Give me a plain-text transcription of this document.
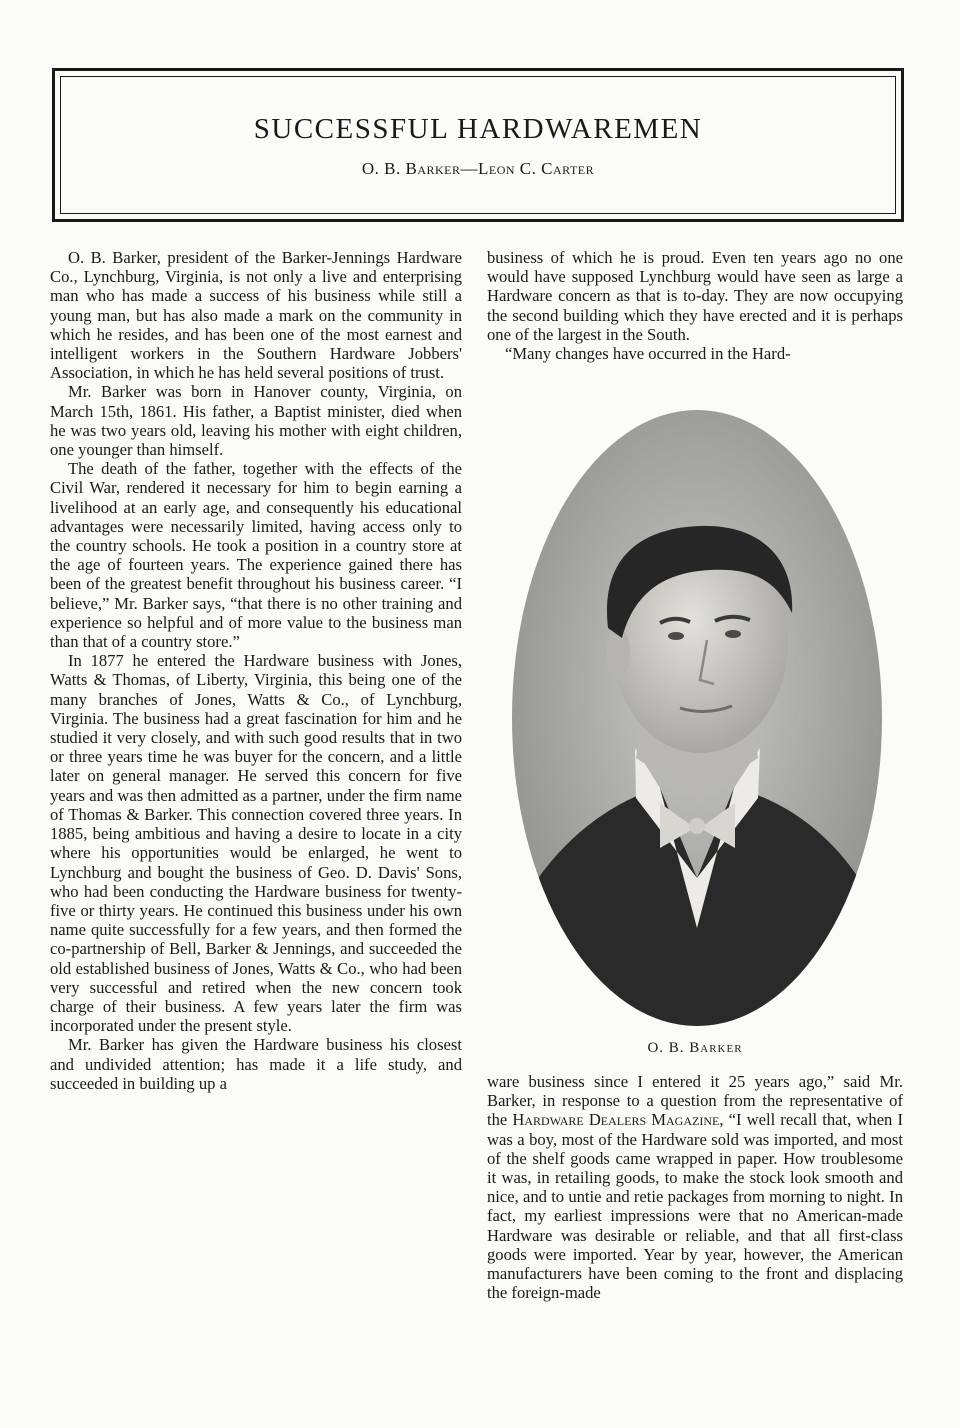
SUCCESSFUL HARDWAREMEN
O. B. Barker—Leon C. Carter

O. B. Barker, president of the Barker-Jennings Hardware Co., Lynchburg, Virginia, is not only a live and enterprising man who has made a success of his business while still a young man, but has also made a mark on the community in which he resides, and has been one of the most earnest and intelligent workers in the Southern Hardware Jobbers' Association, in which he has held several positions of trust.

Mr. Barker was born in Hanover county, Virginia, on March 15th, 1861. His father, a Baptist minister, died when he was two years old, leaving his mother with eight children, one younger than himself.

The death of the father, together with the effects of the Civil War, rendered it necessary for him to begin earning a livelihood at an early age, and consequently his educational advantages were necessarily limited, having access only to the country schools. He took a position in a country store at the age of fourteen years. The experience gained there has been of the greatest benefit throughout his business career. “I believe,” Mr. Barker says, “that there is no other training and experience so helpful and of more value to the business man than that of a country store.”

In 1877 he entered the Hardware business with Jones, Watts & Thomas, of Liberty, Virginia, this being one of the many branches of Jones, Watts & Co., of Lynchburg, Virginia. The business had a great fascination for him and he studied it very closely, and with such good results that in two or three years time he was buyer for the concern, and a little later on general manager. He served this concern for five years and was then admitted as a partner, under the firm name of Thomas & Barker. This connection covered three years. In 1885, being ambitious and having a desire to locate in a city where his opportunities would be enlarged, he went to Lynchburg and bought the business of Geo. D. Davis' Sons, who had been conducting the Hardware business for twenty-five or thirty years. He continued this business under his own name quite successfully for a few years, and then formed the co-partnership of Bell, Barker & Jennings, and succeeded the old established business of Jones, Watts & Co., who had been very successful and retired when the new concern took charge of their business. A few years later the firm was incorporated under the present style.

Mr. Barker has given the Hardware business his closest and undivided attention; has made it a life study, and succeeded in building up a

business of which he is proud. Even ten years ago no one would have supposed Lynchburg would have seen as large a Hardware concern as that is to-day. They are now occupying the second building which they have erected and it is perhaps one of the largest in the South.

“Many changes have occurred in the Hard-

O. B. Barker

ware business since I entered it 25 years ago,” said Mr. Barker, in response to a question from the representative of the Hardware Dealers Magazine, “I well recall that, when I was a boy, most of the Hardware sold was imported, and most of the shelf goods came wrapped in paper. How troublesome it was, in retailing goods, to make the stock look smooth and nice, and to untie and retie packages from morning to night. In fact, my earliest impressions were that no American-made Hardware was desirable or reliable, and that all first-class goods were imported. Year by year, however, the American manufacturers have been coming to the front and displacing the foreign-made
